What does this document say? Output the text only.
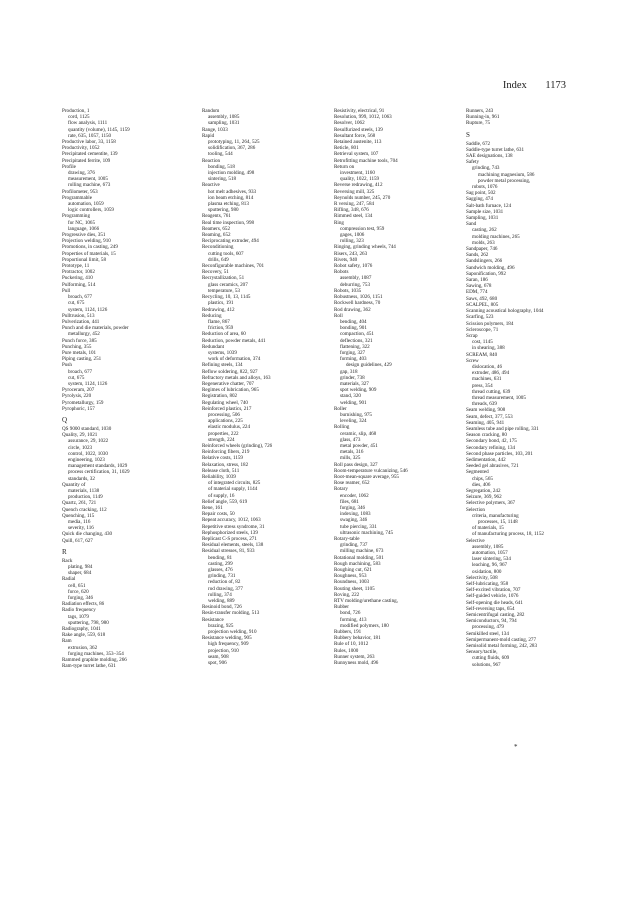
Index 1173
Production, 1
cord, 1125
flow analysis, 1111
quantity (volume), 1145, 1159
rate, 635, 1057, 1150
Productive labor, 33, 1158
Productivity, 1052
Precipitated cementite, 139
Precipitated ferrite, 109
Profile
drawing, 376
measurement, 1005
rolling machine, 673
Profilometer, 953
Programmable
automation, 1059
logic controllers, 1059
Programming
for NC, 1065
language, 1066
Progressive dies, 351
Projection welding, 910
Promotions, in casting, 249
Properties of materials, 15
Proportional limit, 58
Prototype, 11
Protractor, 1002
Puckering, 410
Pulforming, 514
Pull
broach, 677
cut, 675
system, 1124, 1126
Pulltrusion, 513
Pulverization, 441
Punch and die materials, powder
metallurgy, 452
Punch force, 385
Punching, 355
Pure metals, 101
Piping casting, 251
Push
broach, 677
cut, 675
system, 1124, 1126
Pyroceram, 207
Pyrolysis, 220
Pyrometallurgy, 159
Pyrophoric, 157
Q
QS 9000 standard, 1030
Quality, 29, 1021
assurance, 29, 1022
circle, 1023
control, 1022, 1030
engineering, 1023
management standards, 1029
process certification, 31, 1029
standards, 32
Quantity of
materials, 1138
production, 1149
Quartz, 261, 721
Quench cracking, 112
Quenching, 115
media, 116
severity, 116
Quick die changing, 430
Quill, 617, 627
R
Rack
plating, 984
shaper, 684
Radial
cell, 651
force, 620
forging, 346
Radiation effects, 86
Radio frequency
tags, 1079
sputtering, 798, 980
Radiography, 1041
Rake angle, 559, 618
Ram
extrusion, 362
forging machines, 353–354
Rammed graphite molding, 266
Ram-type turret lathe, 631
Random
assembly, 1085
sampling, 1031
Range, 1033
Rapid
prototyping, 11, 264, 525
solidification, 367, 286
tooling, 544
Reaction
bonding, 518
injection molding, 498
sintering, 518
Reactive
hot melt adhesives, 933
ion beam etching, 814
plasma etching, 813
sputtering, 980
Reagents, 761
Real time inspection, 998
Reamers, 652
Reaming, 652
Reciprocating extruder, 494
Reconditioning
cutting tools, 607
drills, 649
Reconfigurable machines, 701
Recovery, 51
Recrystallization, 51
glass ceramics, 207
temperature, 53
Recycling, 10, 13, 1145
plastics, 191
Redrawing, 412
Reducing
flame, 867
friction, 959
Reduction of area, 60
Reduction, powder metals, 441
Redundant
systems, 1039
work of deformation, 374
Refining steels, 134
Reflow soldering, 822, 927
Refractory metals and alloys, 163
Regenerative chatter, 707
Regimes of lubrication, 965
Registration, 802
Regulating wheel, 740
Reinforced plastics, 217
processing, 506
applications, 225
elastic modulus, 224
properties, 222
strength, 224
Reinforced wheels (grinding), 726
Reinforcing fibers, 219
Relative costs, 1159
Relaxation, stress, 182
Release cloth, 511
Reliability, 1039
of integrated circuits, 825
of material supply, 1144
of supply, 16
Relief angle, 559, 619
Rene, 161
Repair costs, 50
Repeat accuracy, 1012, 1063
Repetitive stress syndrome, 31
Rephosphorized steels, 139
Replicast C-S process, 271
Residual elements, steels, 138
Residual stresses, 81, 933
bending, 81
casting, 299
glasses, 476
grinding, 731
reduction of, 82
rod drawing, 377
rolling, 374
welding, 889
Resinoid bond, 726
Resin-transfer molding, 513
Resistance
brazing, 925
projection welding, 910
Resistance welding, 905
high frequency, 909
projection, 910
seam, 908
spot, 906
Resistivity, electrical, 91
Resolution, 999, 1012, 1063
Resolver, 1062
Resulfurized steels, 139
Resultant force, 568
Retained austenite, 113
Reticle, 801
Retrieval system, 107
Retrofitting machine tools, 704
Return on
investment, 1160
quality, 1022, 1159
Reverse redrawing, 412
Reversing mill, 325
Reynolds number, 245, 270
R versing, 247, 584
Rifling, 348, 676
Rimmed steel, 134
Ring
compression test, 959
gages, 1006
rolling, 323
Ringing, grinding wheels, 744
Risers, 243, 263
Rivets, 940
Robot safety, 1076
Robots
assembly, 1087
deburring, 753
Robots, 1035
Robustness, 1026, 1151
Rockwell hardness, 70
Rod drawing, 362
Roll
bending, 404
bonding, 901
compaction, 451
deflections, 321
flattening, 322
forging, 327
forming, 403
design guidelines, 429
gap, 318
grinder, 738
materials, 327
spot welding, 909
stand, 320
welding, 901
Roller
burnishing, 975
leveling, 324
Rolling
ceramic, slip, 468
glass, 473
metal powder, 451
metals, 316
mills, 325
Roll pass design, 327
Room-temperature vulcanizing, 546
Root-mean-square average, 955
Rose reamer, 652
Rotary
encoder, 1062
files, 681
forging, 346
indexing, 1083
swaging, 346
tube piercing, 331
ultrasonic machining, 745
Rotary-table
grinding, 737
milling machine, 673
Rotational molding, 501
Rough machining, 583
Roughing cut, 621
Roughness, 953
Roundness, 1003
Routing sheet, 1105
Roving, 222
RTV molding/urethane casting,
Rubber
bond, 726
forming, 413
modified polymers, 180
Rubbers, 191
Rubbery behavior, 181
Rule of 10, 1012
Rules, 1000
Runner system, 263
Runnyness mold, 496
Runners, 243
Running-in, 961
Rupture, 75
S
Saddle, 672
Saddle-type turret lathe, 631
SAE designations, 138
Safety
grinding, 743
machining magnesium, 586
powder metal processing,
robots, 1076
Sag point, 502
Sagging, 474
Salt-bath furnace, 124
Sample size, 1031
Sampling, 1031
Sand
casting, 262
molding machines, 265
molds, 263
Sandpaper, 746
Sands, 262
Sandslingers, 266
Sandwich molding, 496
Saponification, 992
Saran, 186
Sawing, 678
EDM, 774
Saws, 492, 680
SCALPEL, 805
Scanning acoustical holography, 1044
Scarfing, 523
Scission polymers, 184
Scleroscope, 71
Scrap
cost, 1145
in shearing, 388
SCREAM, 840
Screw
dislocation, 46
extruder, 486, 494
machines, 631
press, 354
thread cutting, 639
thread measurement, 1005
threads, 639
Seam welding, 908
Seam, defect, 377, 553
Seaming, 405, 941
Seamless tube and pipe rolling, 331
Season cracking, 80
Secondary bond, 42, 175
Secondary refining, 134
Second phase particles, 103, 201
Sedimentation, 442
Seeded gel abrasives, 721
Segmented
chips, 565
dies, 406
Segregation, 242
Seizure, 369, 962
Selective polymers, 367
Selection
criteria, manufacturing
processes, 15, 1148
of materials, 15
of manufacturing process, 18, 1152
Selective
assembly, 1085
automation, 1057
laser sintering, 534
leaching, 96, 967
oxidation, 800
Selectivity, 508
Self-lubricating, 958
Self-excited vibration, 707
Self-guided vehicle, 1076
Self-opening die heads, 641
Self-reversing taps, 654
Semicentrifugal casting, 282
Semiconductors, 94, 794
processing, 479
Semikilled steel, 134
Semipermanent-mold casting, 277
Semisolid metal forming, 242, 283
Sensory/tactile,
cutting fluids, 609
solutions, 967
*
